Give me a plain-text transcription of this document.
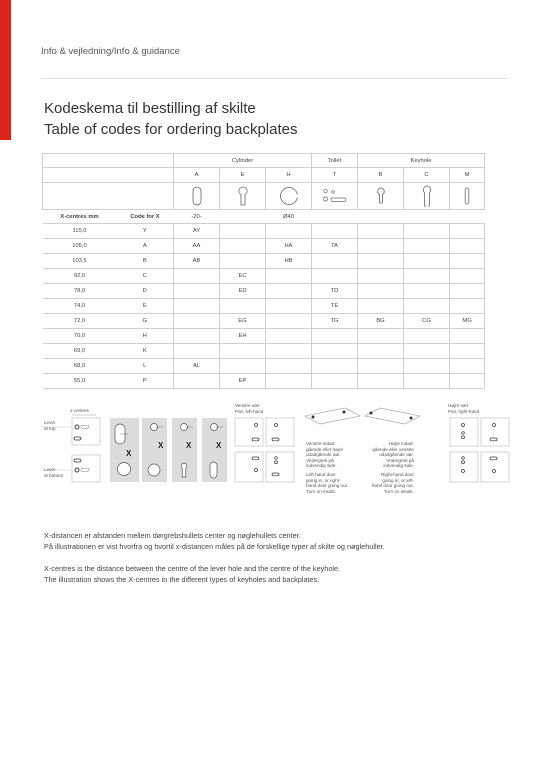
Info & vejledning/Info & guidance
Kodeskema til bestilling af skilte
Table of codes for ordering backplates
		Cylinder			Toilet	Keyhole		
		A	E	H	T	B	C	M

X-centres mm	Code for X	-20-		Ø40				
115,0	Y	AY						
105,0	A	AA		HA	TA			
103,5	B	AB		HB				
92,0	C		EC					
78,0	D		ED		TD			
74,0	E				TE			
72,0	G		EG		TG	BG	CG	MG
70,0	H		EH					
69,0	K							
68,0	L	AL						
55,0	P		EP					
x-centres
Lever
at top
Lever
at bottom
X
X	X	X
Venstre sæt
Pair, left-hand
Højre sæt
Pair, right-hand
Venstre indad-
gående eller højre
udadgående dør.
Vridergreb på
indvendig side.
Left-hand door
going in, or right-
hand door going out.
Turn on inside.
Højre indad-
gående eller venstre
udadgående dør.
Vridergreb på
indvendig side.
Right-hand door
going in, or left-
hand door going out.
Turn on inside.
X-distancen er afstanden mellem dørgrebshullets center og nøglehullets center.
På illustrationen er vist hvorfra og hvortil x-distancen måles på de forskellige typer af skilte og nøglehuller.
X-centres is the distance between the centre of the lever hole and the centre of the keyhole.
The illustration shows the X-centres in the different types of keyholes and backplates.
